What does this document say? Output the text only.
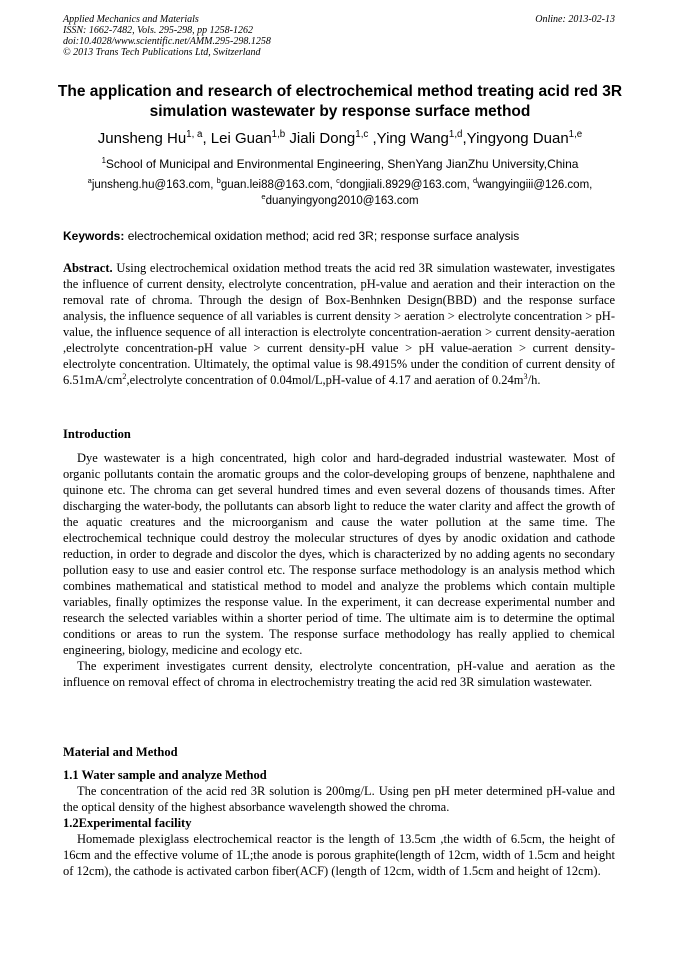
Applied Mechanics and Materials
ISSN: 1662-7482, Vols. 295-298, pp 1258-1262
doi:10.4028/www.scientific.net/AMM.295-298.1258
© 2013 Trans Tech Publications Ltd, Switzerland
Online: 2013-02-13
The application and research of electrochemical method treating acid red 3R simulation wastewater by response surface method
Junsheng Hu$^{1, a}$, Lei Guan$^{1,b}$ Jiali Dong$^{1,c}$ ,Ying Wang$^{1,d}$,Yingyong Duan$^{1,e}$
$^1$School of Municipal and Environmental Engineering, ShenYang JianZhu University,China
$^a$junsheng.hu@163.com, $^b$guan.lei88@163.com, $^c$dongjiali.8929@163.com, $^d$wangyingiii@126.com,
$^e$duanyingyong2010@163.com
Keywords: electrochemical oxidation method; acid red 3R; response surface analysis
Abstract. Using electrochemical oxidation method treats the acid red 3R simulation wastewater, investigates the influence of current density, electrolyte concentration, pH-value and aeration and their interaction on the removal rate of chroma. Through the design of Box-Benhnken Design(BBD) and the response surface analysis, the influence sequence of all variables is current density > aeration > electrolyte concentration > pH-value, the influence sequence of all interaction is electrolyte concentration-aeration > current density-aeration ,electrolyte concentration-pH value > current density-pH value > pH value-aeration > current density-electrolyte concentration. Ultimately, the optimal value is 98.4915% under the condition of current density of $6.51mA/cm^2,electrolyte$ concentration of 0.04mol/L,pH-value of 4.17 and aeration of $0.24m^3/h$.
Introduction

Dye wastewater is a high concentrated, high color and hard-degraded industrial wastewater. Most of organic pollutants contain the aromatic groups and the color-developing groups of benzene, naphthalene and quinone etc. The chroma can get several hundred times and even several dozens of thousands times. After discharging the water-body, the pollutants can absorb light to reduce the water clarity and affect the growth of the aquatic creatures and the microorganism and cause the water pollution at the same time. The electrochemical technique could destroy the molecular structures of dyes by anodic oxidation and cathode reduction, in order to degrade and discolor the dyes, which is characterized by no adding agents no secondary pollution easy to use and easier control etc. The response surface methodology is an analysis method which combines mathematical and statistical method to model and analyze the problems which contain multiple variables, finally optimizes the response value. In the experiment, it can decrease experimental number and research the selected variables within a shorter period of time. The ultimate aim is to determine the optimal conditions or areas to run the system. The response surface methodology has really applied to chemical engineering, biology, medicine and ecology etc.

The experiment investigates current density, electrolyte concentration, pH-value and aeration as the influence on removal effect of chroma in electrochemistry treating the acid red 3R simulation wastewater.

Material and Method
1.1 Water sample and analyze Method

The concentration of the acid red 3R solution is 200mg/L. Using pen pH meter determined pH-value and the optical density of the highest absorbance wavelength showed the chroma.

1.2Experimental facility

Homemade plexiglass electrochemical reactor is the length of 13.5cm ,the width of 6.5cm, the height of 16cm and the effective volume of 1L;the anode is porous graphite(length of 12cm, width of 1.5cm and height of 12cm), the cathode is activated carbon fiber(ACF) (length of 12cm, width of 1.5cm and height of 12cm).
